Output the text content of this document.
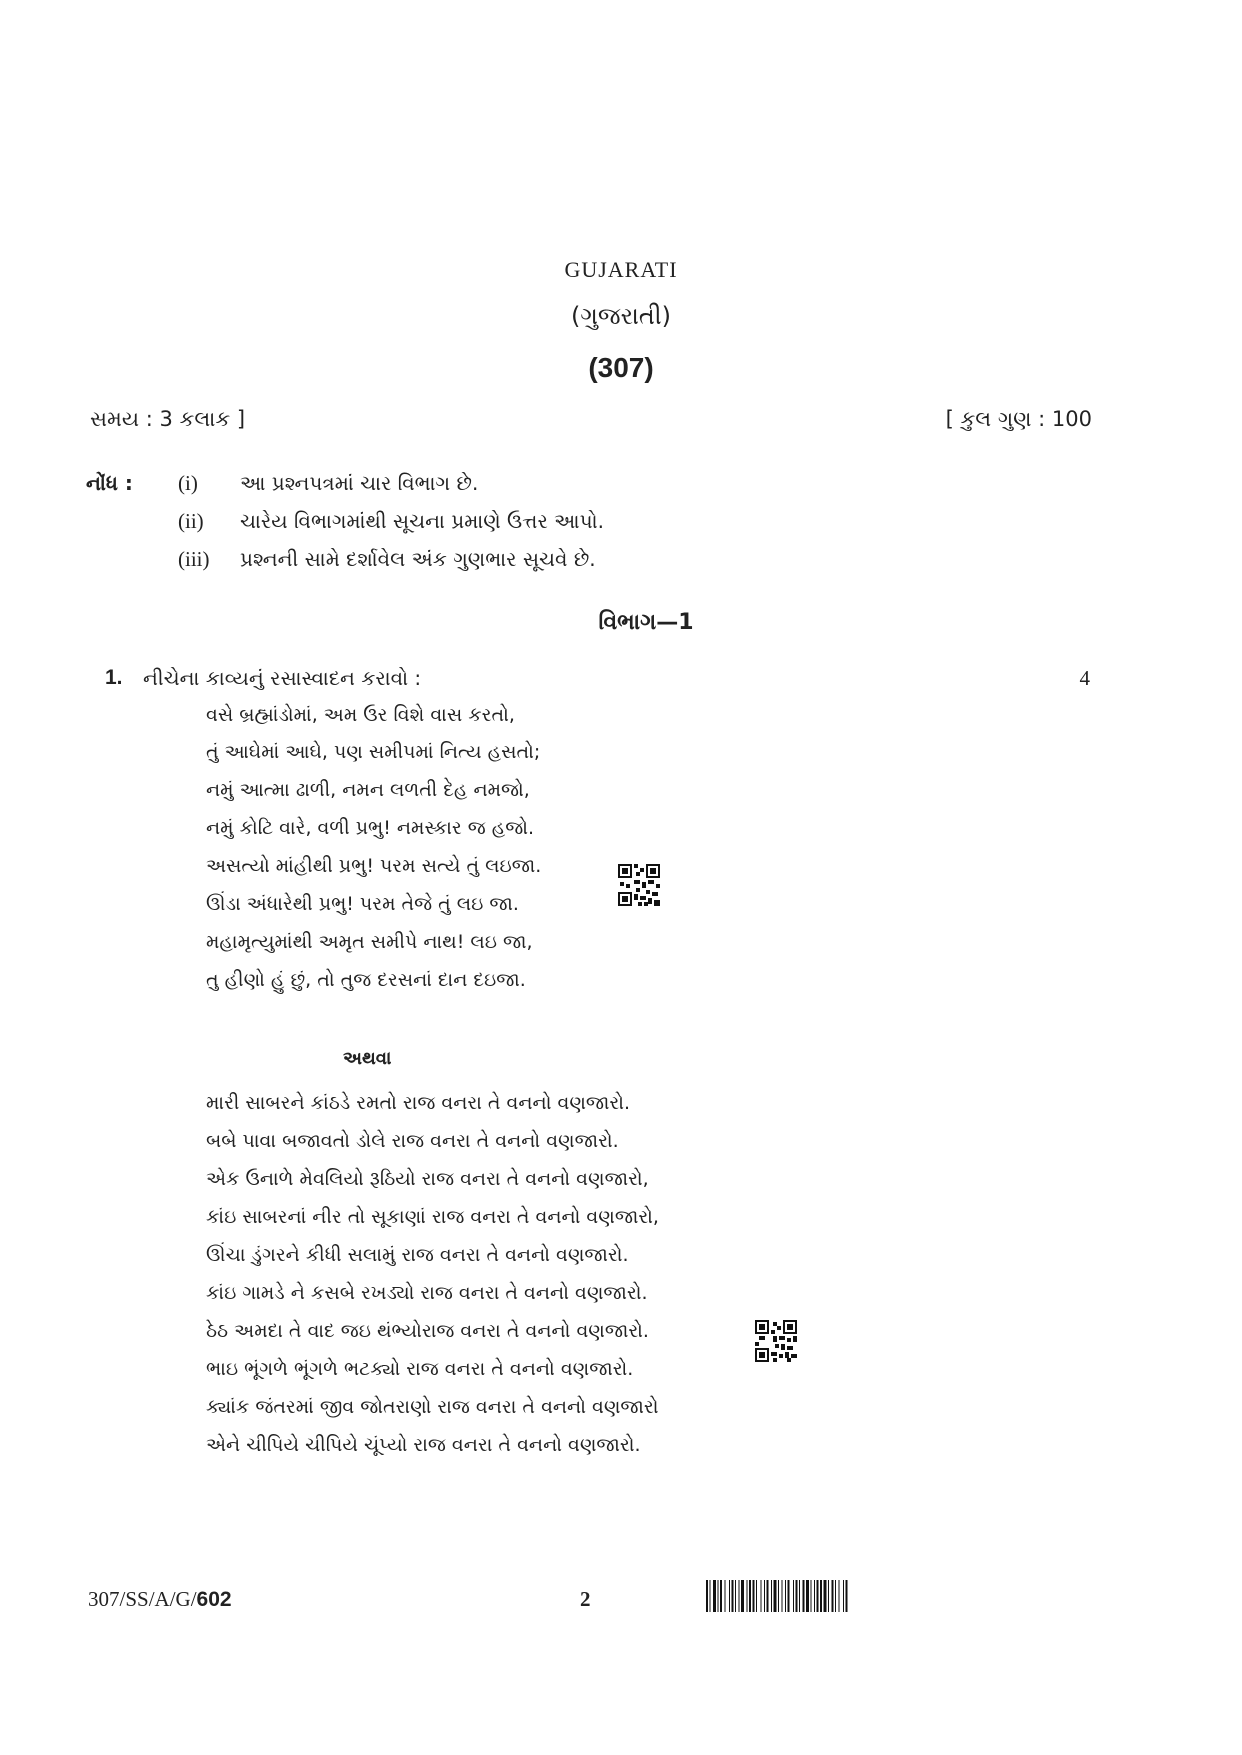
GUJARATI
(ગુજરાતી)
(307)
સમય : 3 કલાક ]	[ કુલ ગુણ : 100
નોંધ : (i)	આ પ્રશ્નપત્રમાં ચાર વિભાગ છે.
(ii)	ચારેય વિભાગમાંથી સૂચના પ્રમાણે ઉત્તર આપો.
(iii)	પ્રશ્નની સામે દર્શાવેલ અંક ગુણભાર સૂચવે છે.
વિભાગ—1
1. નીચેના કાવ્યનું રસાસ્વાદન કરાવો :	4
વસે બ્રહ્માંડોમાં, અમ ઉર વિશે વાસ કરતો,
તું આઘેમાં આઘે, પણ સમીપમાં નિત્ય હસતો;
નમું આત્મા ઢાળી, નમન લળતી દેહ નમજો,
નમું કોટિ વારે, વળી પ્રભુ! નમસ્કાર જ હજો.
અસત્યો માંહીથી પ્રભુ! પરમ સત્યે તું લઇજા.
ઊંડા અંધારેથી પ્રભુ! પરમ તેજે તું લઇ જા.
મહામૃત્યુમાંથી અમૃત સમીપે નાથ! લઇ જા,
તુ હીણો હું છું, તો તુજ દરસનાં દાન દઇજા.
અથવા
મારી સાબરને કાંઠડે રમતો રાજ વનરા તે વનનો વણજારો.
બબે પાવા બજાવતો ડોલે રાજ વનરા તે વનનો વણજારો.
એક ઉનાળે મેવલિયો રૂઠિયો રાજ વનરા તે વનનો વણજારો,
કાંઇ સાબરનાં નીર તો સૂકાણાં રાજ વનરા તે વનનો વણજારો,
ઊંચા ડુંગરને કીધી સલામું રાજ વનરા તે વનનો વણજારો.
કાંઇ ગામડે ને કસબે રખડ્યો રાજ વનરા તે વનનો વણજારો.
ઠેઠ અમદા તે વાદ જઇ થંભ્યોરાજ વનરા તે વનનો વણજારો.
ભાઇ ભૂંગળે ભૂંગળે ભટક્યો રાજ વનરા તે વનનો વણજારો.
ક્યાંક જંતરમાં જીવ જોતરાણો રાજ વનરા તે વનનો વણજારો
એને ચીપિયે ચીપિયે ચૂંપ્યો રાજ વનરા તે વનનો વણજારો.
307/SS/A/G/602	2
